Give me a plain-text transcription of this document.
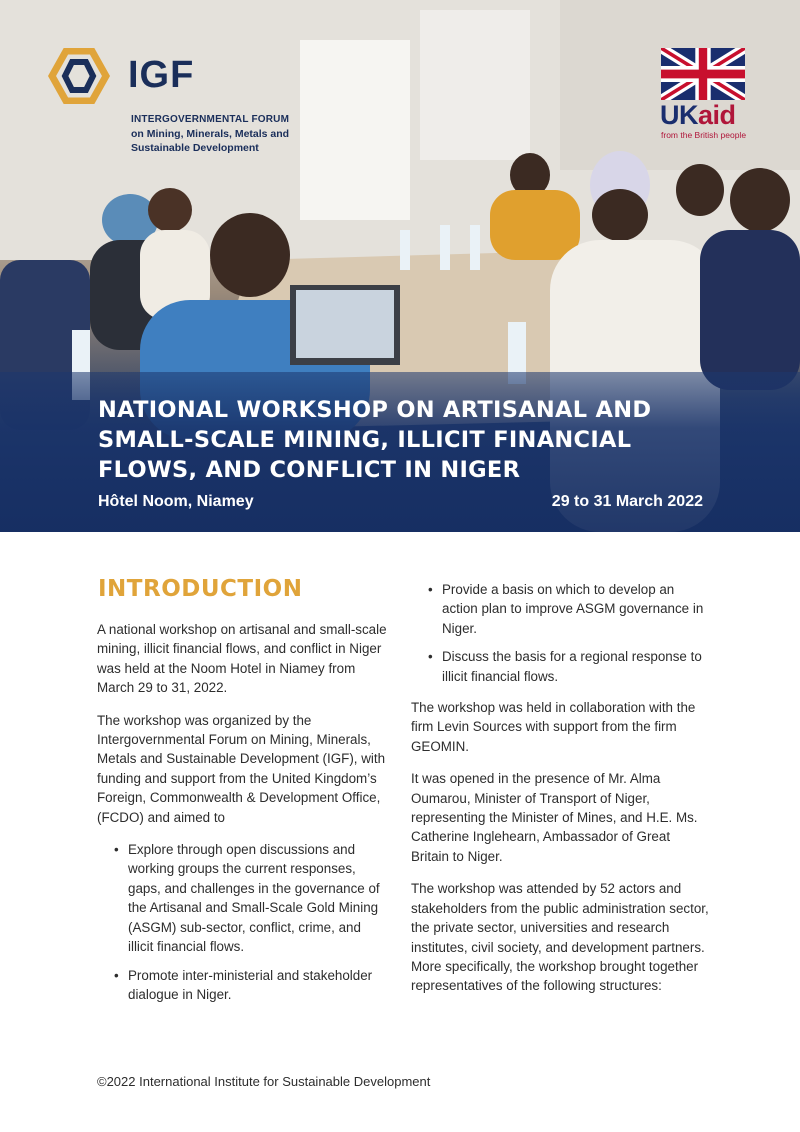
IGF
INTERGOVERNMENTAL FORUM
on Mining, Minerals, Metals and
Sustainable Development
UKaid
from the British people
NATIONAL WORKSHOP ON ARTISANAL AND
SMALL-SCALE MINING, ILLICIT FINANCIAL
FLOWS, AND CONFLICT IN NIGER
Hôtel Noom, Niamey	29 to 31 March 2022
INTRODUCTION

A national workshop on artisanal and small-scale mining, illicit financial flows, and conflict in Niger was held at the Noom Hotel in Niamey from March 29 to 31, 2022.

The workshop was organized by the Intergovernmental Forum on Mining, Minerals, Metals and Sustainable Development (IGF), with funding and support from the United Kingdom’s Foreign, Commonwealth & Development Office, (FCDO) and aimed to

• Explore through open discussions and working groups the current responses, gaps, and challenges in the governance of the Artisanal and Small-Scale Gold Mining (ASGM) sub-sector, conflict, crime, and illicit financial flows.
• Promote inter-ministerial and stakeholder dialogue in Niger.
• Provide a basis on which to develop an action plan to improve ASGM governance in Niger.
• Discuss the basis for a regional response to illicit financial flows.

The workshop was held in collaboration with the firm Levin Sources with support from the firm GEOMIN.

It was opened in the presence of Mr. Alma Oumarou, Minister of Transport of Niger, representing the Minister of Mines, and H.E. Ms. Catherine Inglehearn, Ambassador of Great Britain to Niger.

The workshop was attended by 52 actors and stakeholders from the public administration sector, the private sector, universities and research institutes, civil society, and development partners. More specifically, the workshop brought together representatives of the following structures:

©2022 International Institute for Sustainable Development
